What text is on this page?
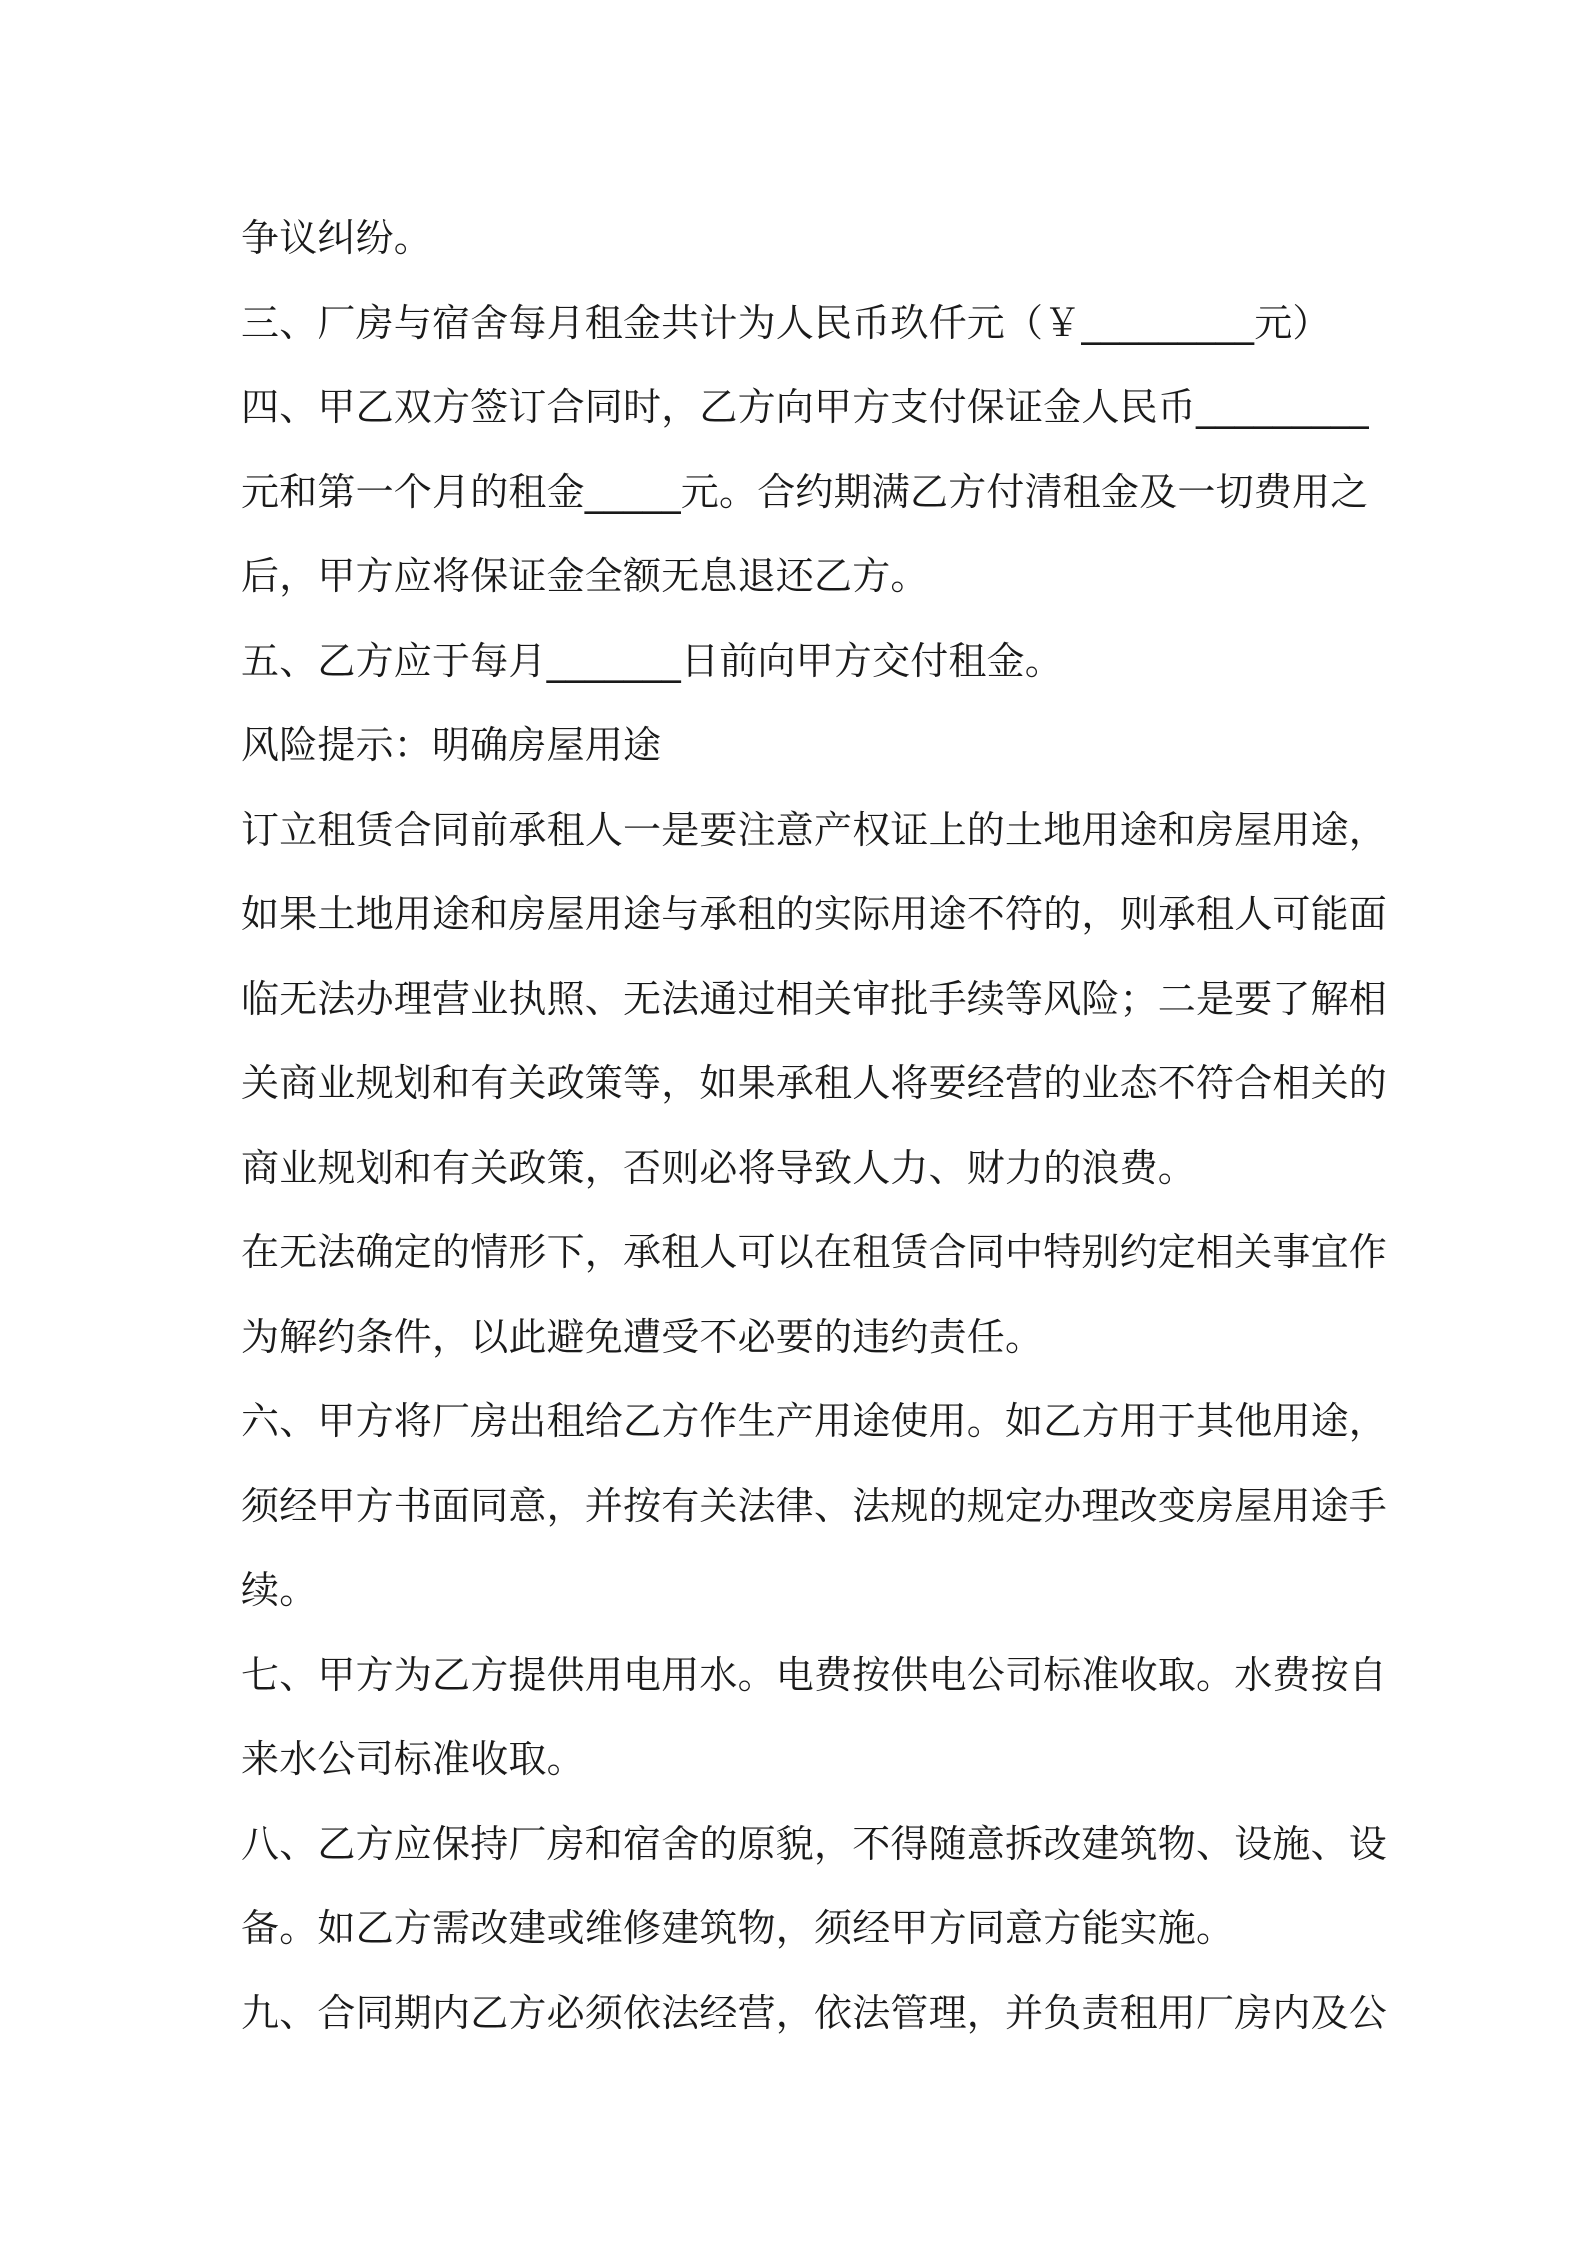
争议纠纷。
三、厂房与宿舍每月租金共计为人民币玖仟元（￥_________元）
四、甲乙双方签订合同时，乙方向甲方支付保证金人民币_________
元和第一个月的租金_____元。合约期满乙方付清租金及一切费用之
后，甲方应将保证金全额无息退还乙方。
五、乙方应于每月_______日前向甲方交付租金。
风险提示：明确房屋用途
订立租赁合同前承租人一是要注意产权证上的土地用途和房屋用途，
如果土地用途和房屋用途与承租的实际用途不符的，则承租人可能面
临无法办理营业执照、无法通过相关审批手续等风险；二是要了解相
关商业规划和有关政策等，如果承租人将要经营的业态不符合相关的
商业规划和有关政策，否则必将导致人力、财力的浪费。
在无法确定的情形下，承租人可以在租赁合同中特别约定相关事宜作
为解约条件，以此避免遭受不必要的违约责任。
六、甲方将厂房出租给乙方作生产用途使用。如乙方用于其他用途，
须经甲方书面同意，并按有关法律、法规的规定办理改变房屋用途手
续。
七、甲方为乙方提供用电用水。电费按供电公司标准收取。水费按自
来水公司标准收取。
八、乙方应保持厂房和宿舍的原貌，不得随意拆改建筑物、设施、设
备。如乙方需改建或维修建筑物，须经甲方同意方能实施。
九、合同期内乙方必须依法经营，依法管理，并负责租用厂房内及公
